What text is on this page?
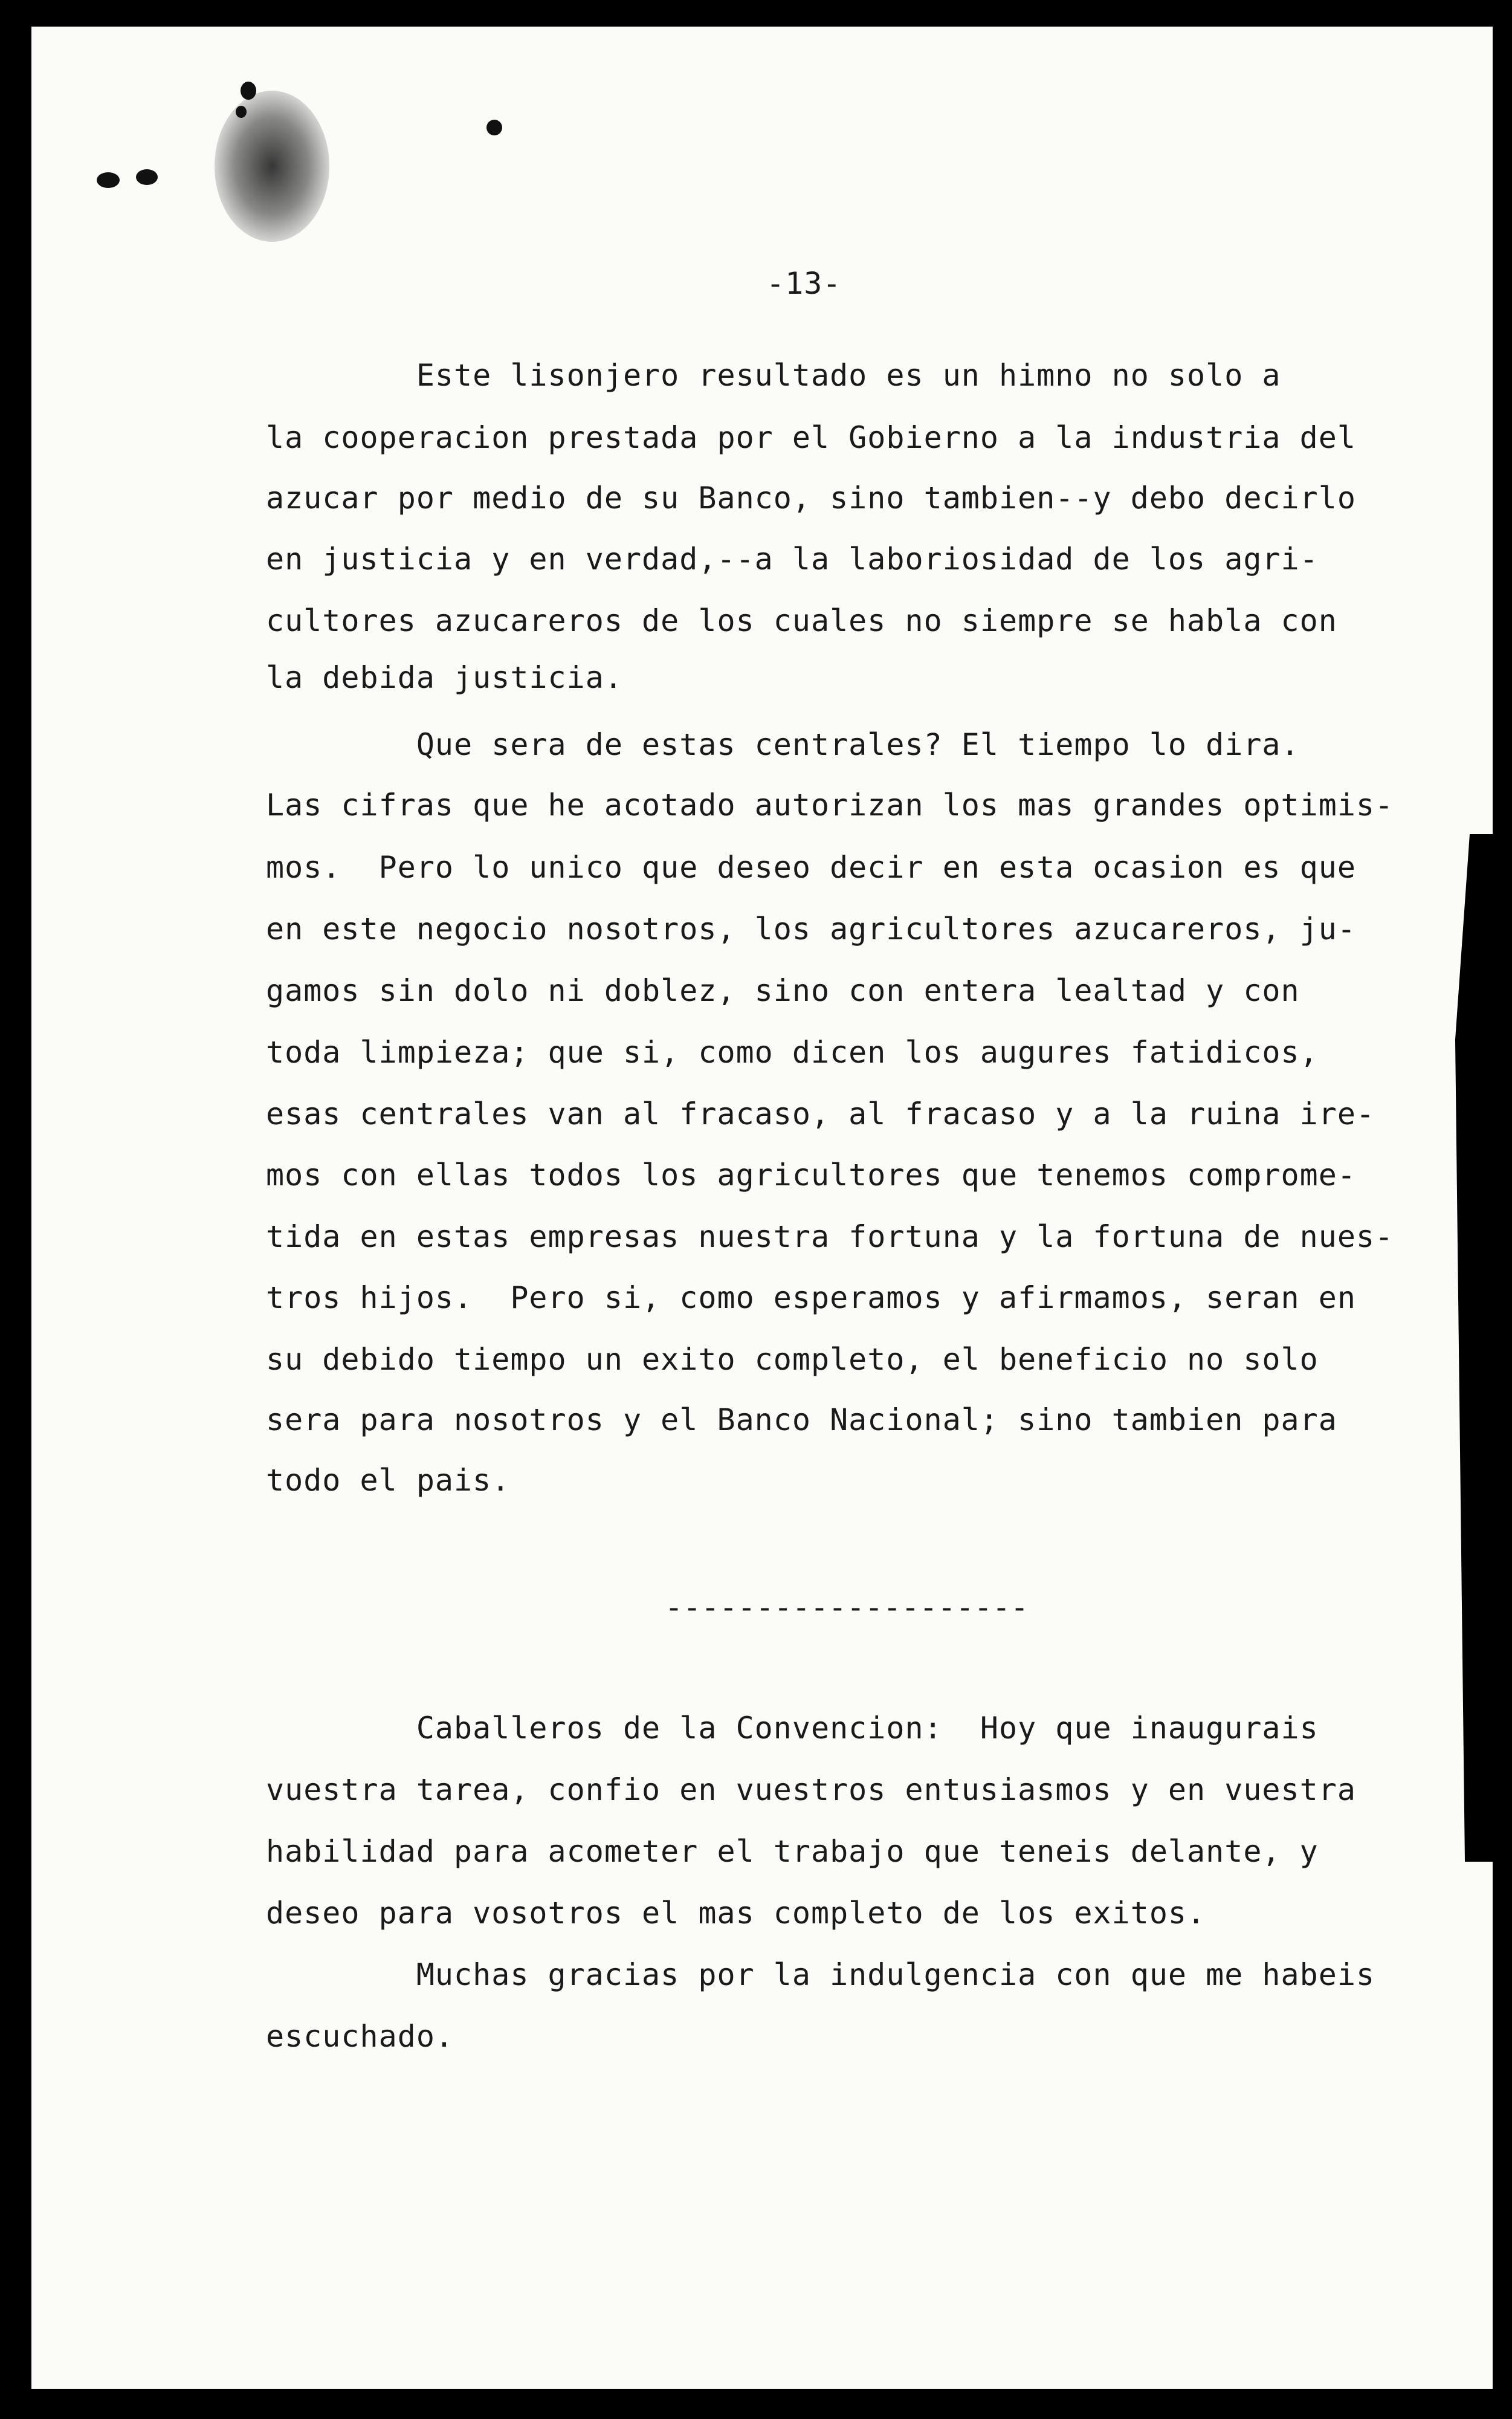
-13-
Este lisonjero resultado es un himno no solo a
la cooperacion prestada por el Gobierno a la industria del
azucar por medio de su Banco, sino tambien--y debo decirlo
en justicia y en verdad,--a la laboriosidad de los agri-
cultores azucareros de los cuales no siempre se habla con
la debida justicia.
Que sera de estas centrales? El tiempo lo dira.
Las cifras que he acotado autorizan los mas grandes optimis-
mos.  Pero lo unico que deseo decir en esta ocasion es que
en este negocio nosotros, los agricultores azucareros, ju-
gamos sin dolo ni doblez, sino con entera lealtad y con
toda limpieza; que si, como dicen los augures fatidicos,
esas centrales van al fracaso, al fracaso y a la ruina ire-
mos con ellas todos los agricultores que tenemos comprome-
tida en estas empresas nuestra fortuna y la fortuna de nues-
tros hijos.  Pero si, como esperamos y afirmamos, seran en
su debido tiempo un exito completo, el beneficio no solo
sera para nosotros y el Banco Nacional; sino tambien para
todo el pais.
--------------------
Caballeros de la Convencion:  Hoy que inaugurais
vuestra tarea, confio en vuestros entusiasmos y en vuestra
habilidad para acometer el trabajo que teneis delante, y
deseo para vosotros el mas completo de los exitos.
Muchas gracias por la indulgencia con que me habeis
escuchado.
